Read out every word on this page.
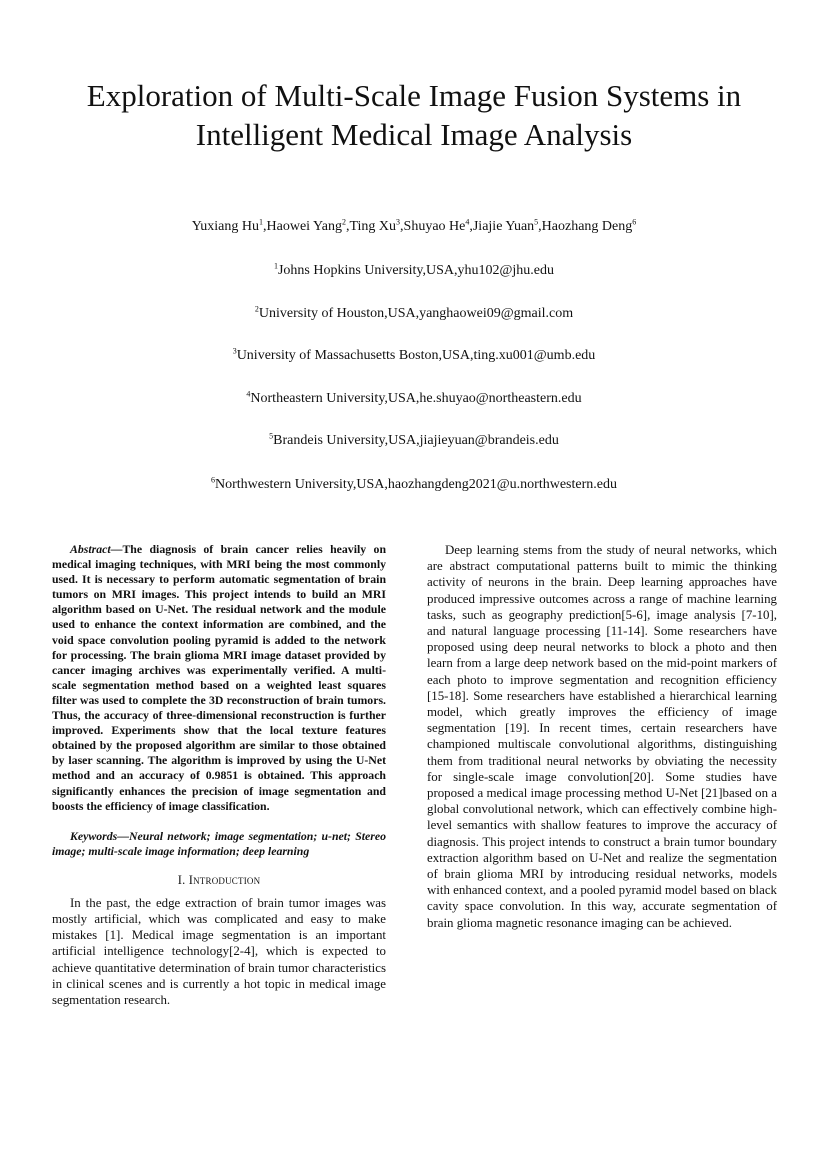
Exploration of Multi-Scale Image Fusion Systems in
Intelligent Medical Image Analysis
Yuxiang Hu$^1$,Haowei Yang$^2$,Ting Xu$^3$,Shuyao He$^4$,Jiajie Yuan$^5$,Haozhang Deng$^6$
$^1$Johns Hopkins University,USA,yhu102@jhu.edu
$^2$University of Houston,USA,yanghaowei09@gmail.com
$^3$University of Massachusetts Boston,USA,ting.xu001@umb.edu
$^4$Northeastern University,USA,he.shuyao@northeastern.edu
$^5$Brandeis University,USA,jiajieyuan@brandeis.edu
$^6$Northwestern University,USA,haozhangdeng2021@u.northwestern.edu

Abstract—The diagnosis of brain cancer relies heavily on medical imaging techniques, with MRI being the most commonly used. It is necessary to perform automatic segmentation of brain tumors on MRI images. This project intends to build an MRI algorithm based on U-Net. The residual network and the module used to enhance the context information are combined, and the void space convolution pooling pyramid is added to the network for processing. The brain glioma MRI image dataset provided by cancer imaging archives was experimentally verified. A multi-scale segmentation method based on a weighted least squares filter was used to complete the 3D reconstruction of brain tumors. Thus, the accuracy of three-dimensional reconstruction is further improved. Experiments show that the local texture features obtained by the proposed algorithm are similar to those obtained by laser scanning. The algorithm is improved by using the U-Net method and an accuracy of 0.9851 is obtained. This approach significantly enhances the precision of image segmentation and boosts the efficiency of image classification.

Keywords—Neural network; image segmentation; u-net; Stereo image; multi-scale image information; deep learning

I. Introduction

In the past, the edge extraction of brain tumor images was mostly artificial, which was complicated and easy to make mistakes [1]. Medical image segmentation is an important artificial intelligence technology[2-4], which is expected to achieve quantitative determination of brain tumor characteristics in clinical scenes and is currently a hot topic in medical image segmentation research.

Deep learning stems from the study of neural networks, which are abstract computational patterns built to mimic the thinking activity of neurons in the brain. Deep learning approaches have produced impressive outcomes across a range of machine learning tasks, such as geography prediction[5-6], image analysis [7-10], and natural language processing [11-14]. Some researchers have proposed using deep neural networks to block a photo and then learn from a large deep network based on the mid-point markers of each photo to improve segmentation and recognition efficiency [15-18]. Some researchers have established a hierarchical learning model, which greatly improves the efficiency of image segmentation [19]. In recent times, certain researchers have championed multiscale convolutional algorithms, distinguishing them from traditional neural networks by obviating the necessity for single-scale image convolution[20]. Some studies have proposed a medical image processing method U-Net [21]based on a global convolutional network, which can effectively combine high-level semantics with shallow features to improve the accuracy of diagnosis. This project intends to construct a brain tumor boundary extraction algorithm based on U-Net and realize the segmentation of brain glioma MRI by introducing residual networks, models with enhanced context, and a pooled pyramid model based on black cavity space convolution. In this way, accurate segmentation of brain glioma magnetic resonance imaging can be achieved.
